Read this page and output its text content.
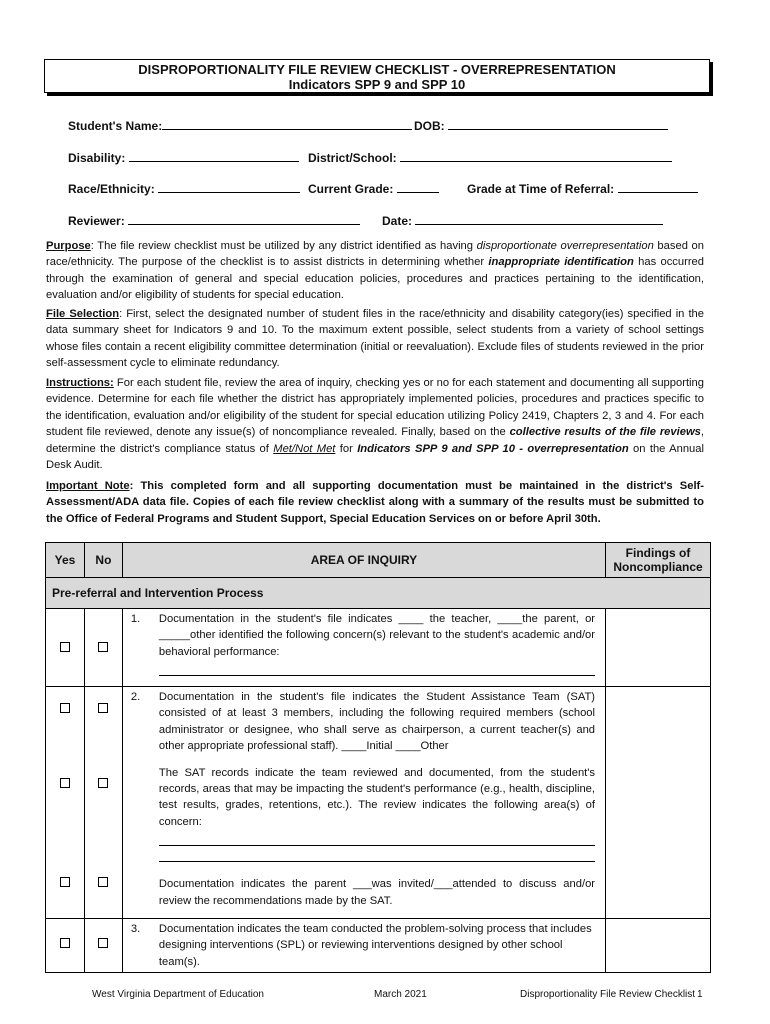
DISPROPORTIONALITY FILE REVIEW CHECKLIST - OVERREPRESENTATION
Indicators SPP 9 and SPP 10
Student's Name:	DOB:
Disability:	District/School:
Race/Ethnicity:	Current Grade:	Grade at Time of Referral:
Reviewer:	Date:
Purpose: The file review checklist must be utilized by any district identified as having disproportionate overrepresentation based on race/ethnicity. The purpose of the checklist is to assist districts in determining whether inappropriate identification has occurred through the examination of general and special education policies, procedures and practices pertaining to the identification, evaluation and/or eligibility of students for special education.
File Selection: First, select the designated number of student files in the race/ethnicity and disability category(ies) specified in the data summary sheet for Indicators 9 and 10. To the maximum extent possible, select students from a variety of school settings whose files contain a recent eligibility committee determination (initial or reevaluation). Exclude files of students reviewed in the prior self-assessment cycle to eliminate redundancy.
Instructions: For each student file, review the area of inquiry, checking yes or no for each statement and documenting all supporting evidence. Determine for each file whether the district has appropriately implemented policies, procedures and practices specific to the identification, evaluation and/or eligibility of the student for special education utilizing Policy 2419, Chapters 2, 3 and 4. For each student file reviewed, denote any issue(s) of noncompliance revealed. Finally, based on the collective results of the file reviews, determine the district's compliance status of Met/Not Met for Indicators SPP 9 and SPP 10 - overrepresentation on the Annual Desk Audit.
Important Note: This completed form and all supporting documentation must be maintained in the district's Self-Assessment/ADA data file. Copies of each file review checklist along with a summary of the results must be submitted to the Office of Federal Programs and Student Support, Special Education Services on or before April 30th.
Yes	No	AREA OF INQUIRY	Findings of Noncompliance
Pre-referral and Intervention Process			

		1. Documentation in the student's file indicates ____ the teacher, ____the parent, or _____other identified the following concern(s) relevant to the student's academic and/or behavioral performance:	

		2. Documentation in the student's file indicates the Student Assistance Team (SAT) consisted of at least 3 members, including the following required members (school administrator or designee, who shall serve as chairperson, a current teacher(s) and other appropriate professional staff). ____Initial ____Other
The SAT records indicate the team reviewed and documented, from the student's records, areas that may be impacting the student's performance (e.g., health, discipline, test results, grades, retentions, etc.). The review indicates the following area(s) of concern:
Documentation indicates the parent ___was invited/___attended to discuss and/or review the recommendations made by the SAT.	

		3. Documentation indicates the team conducted the problem-solving process that includes designing interventions (SPL) or reviewing interventions designed by other school team(s).	

West Virginia Department of Education	March 2021	Disproportionality File Review Checklist 1
